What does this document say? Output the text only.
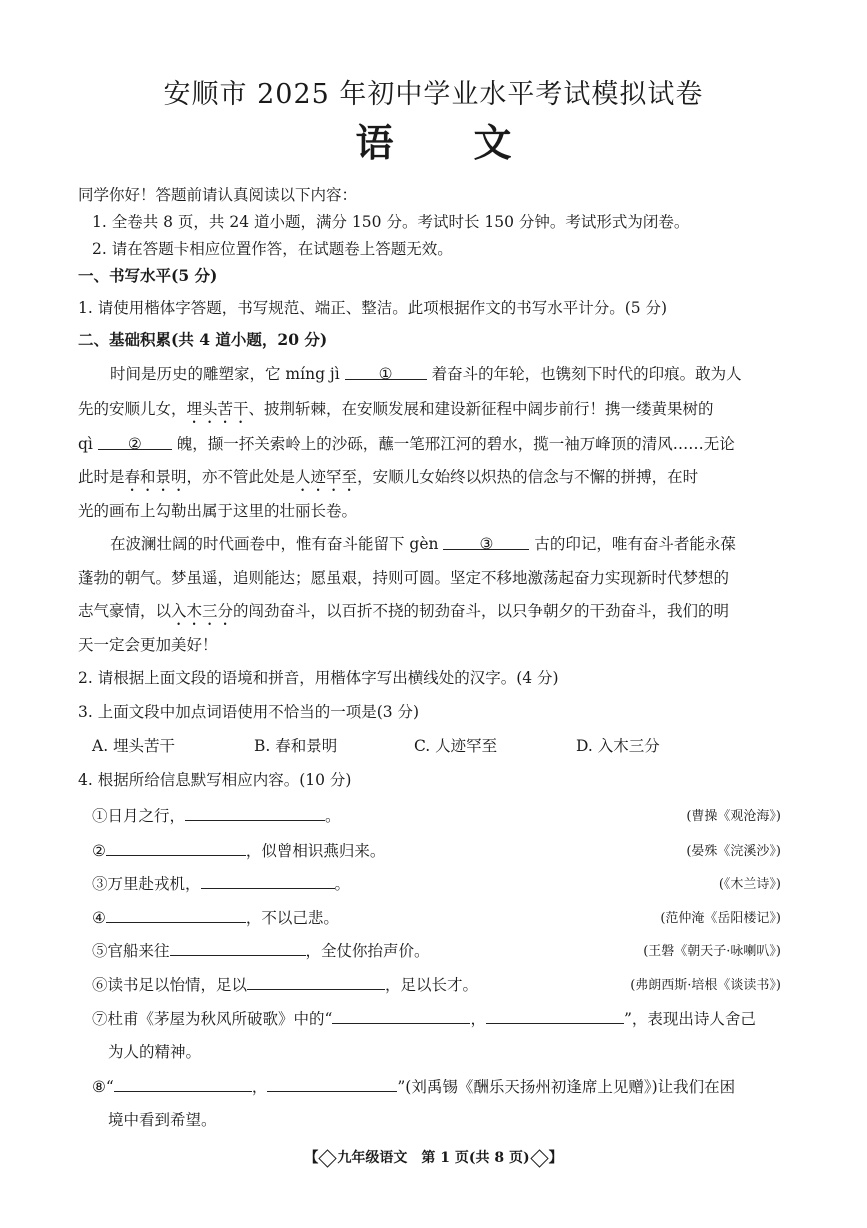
安顺市 2025 年初中学业水平考试模拟试卷
语文
同学你好！答题前请认真阅读以下内容：
1. 全卷共 8 页，共 24 道小题，满分 150 分。考试时长 150 分钟。考试形式为闭卷。
2. 请在答题卡相应位置作答，在试题卷上答题无效。
一、书写水平(5 分)
1. 请使用楷体字答题，书写规范、端正、整洁。此项根据作文的书写水平计分。(5 分)
二、基础积累(共 4 道小题，20 分)
时间是历史的雕塑家，它 míng jì	①	着奋斗的年轮，也镌刻下时代的印痕。敢为人
先的安顺儿女，埋头苦干、披荆斩棘，在安顺发展和建设新征程中阔步前行！携一缕黄果树的
qì ② 魄，撷一抔关索岭上的沙砾，蘸一笔邢江河的碧水，揽一袖万峰顶的清风……无论
此时是春和景明，亦不管此处是人迹罕至，安顺儿女始终以炽热的信念与不懈的拼搏，在时
光的画布上勾勒出属于这里的壮丽长卷。
在波澜壮阔的时代画卷中，惟有奋斗能留下 gèn	③	古的印记，唯有奋斗者能永葆
蓬勃的朝气。梦虽遥，追则能达；愿虽艰，持则可圆。坚定不移地激荡起奋力实现新时代梦想的
志气豪情，以入木三分的闯劲奋斗，以百折不挠的韧劲奋斗，以只争朝夕的干劲奋斗，我们的明
天一定会更加美好！
2. 请根据上面文段的语境和拼音，用楷体字写出横线处的汉字。(4 分)
3. 上面文段中加点词语使用不恰当的一项是(3 分)
A. 埋头苦干	B. 春和景明	C. 人迹罕至	D. 入木三分
4. 根据所给信息默写相应内容。(10 分)
①日月之行，	。	(曹操《观沧海》)
②	，似曾相识燕归来。	(晏殊《浣溪沙》)
③万里赴戎机，	。	(《木兰诗》)
④	，不以己悲。	(范仲淹《岳阳楼记》)
⑤官船来往	，全仗你抬声价。	(王磐《朝天子·咏喇叭》)
⑥读书足以怡情，足以	，足以长才。	(弗朗西斯·培根《谈读书》)
⑦杜甫《茅屋为秋风所破歌》中的“	，	”，表现出诗人舍己
为人的精神。
⑧“	，	”(刘禹锡《酬乐天扬州初逢席上见赠》)让我们在困
境中看到希望。
【 九年级语文　第 1 页(共 8 页) 】
